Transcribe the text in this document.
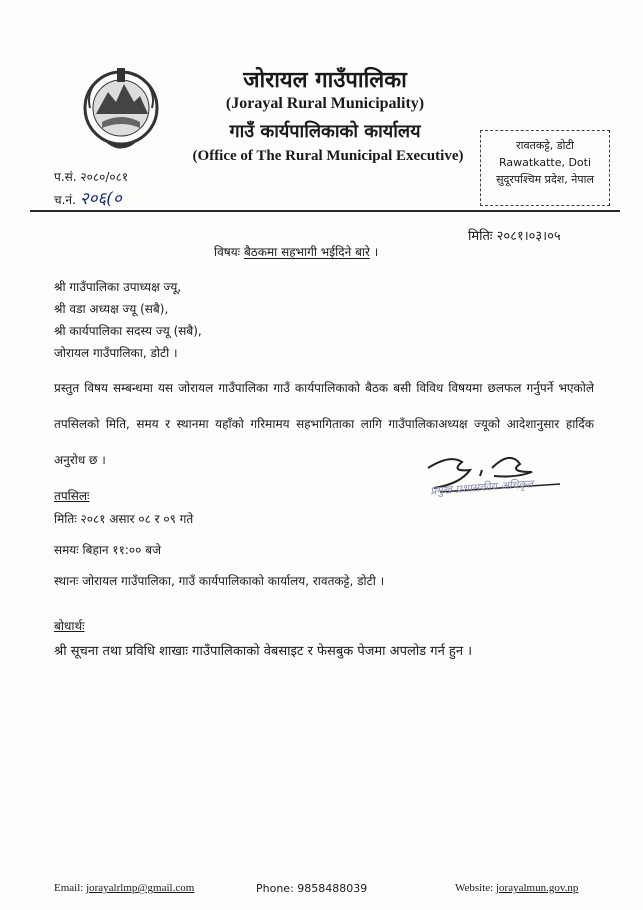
जोरायल गाउँपालिका
(Jorayal Rural Municipality)
गाउँ कार्यपालिकाको कार्यालय
(Office of The Rural Municipal Executive)
रावतकट्टे, डोटी
Rawatkatte, Doti
सुदूरपश्चिम प्रदेश, नेपाल
प.सं. २०८०/०८१
च.नं. २०६(०
मितिः २०८१।०३।०५
विषयः बैठकमा सहभागी भईदिने बारे ।
श्री गाउँपालिका उपाध्यक्ष ज्यू,
श्री वडा अध्यक्ष ज्यू (सबै),
श्री कार्यपालिका सदस्य ज्यू (सबै),
जोरायल गाउँपालिका, डोटी ।
प्रस्तुत विषय सम्बन्धमा यस जोरायल गाउँपालिका गाउँ कार्यपालिकाको बैठक बसी विविध विषयमा छलफल गर्नुपर्ने भएकोले तपसिलको मिति, समय र स्थानमा यहाँको गरिमामय सहभागिताका लागि गाउँपालिकाअध्यक्ष ज्यूको आदेशानुसार हार्दिक अनुरोध छ ।
प्रमुख प्रशासकीय अधिकृत
तपसिलः
मितिः २०८१ असार ०८ र ०९ गते
समयः बिहान ११:०० बजे
स्थानः जोरायल गाउँपालिका, गाउँ कार्यपालिकाको कार्यालय, रावतकट्टे, डोटी ।
बोधार्थः
श्री सूचना तथा प्रविधि शाखाः गाउँपालिकाको वेबसाइट र फेसबुक पेजमा अपलोड गर्न हुन ।
Email: jorayalrlmp@gmail.com	Phone: 9858488039	Website: jorayalmun.gov.np
